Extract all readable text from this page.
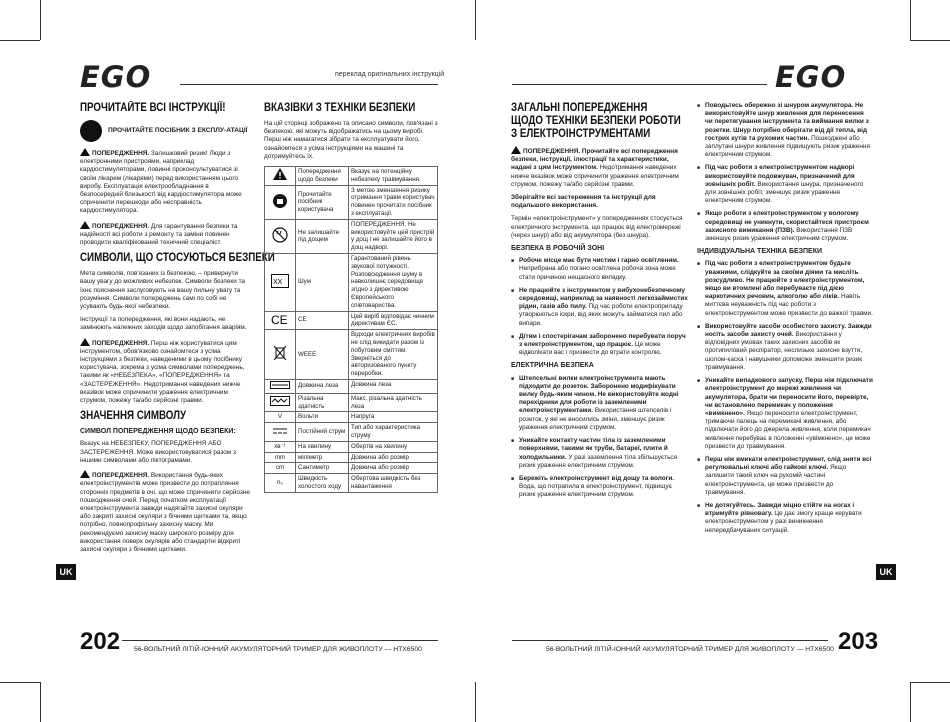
EGO	EGO
переклад оригінальних інструкцій
ПРОЧИТАЙТЕ ВСІ ІНСТРУКЦІЇ!
ПРОЧИТАЙТЕ ПОСІБНИК З ЕКСПЛУ-АТАЦІЇ

ПОПЕРЕДЖЕННЯ. Залишковий ризик! Люди з електронними пристроями, наприклад кардіостимуляторами, повинні проконсультуватися зі своїм лікарем (лікарями) перед використанням цього виробу. Експлуатація електрообладнання в безпосередній близькості від кардіостимулятора може спричинити перешкоди або несправність кардіостимулятора.

ПОПЕРЕДЖЕННЯ. Для гарантування безпеки та надійності всі роботи з ремонту та заміни повинен проводити кваліфікований технічний спеціаліст.

СИМВОЛИ, ЩО СТОСУЮТЬСЯ БЕЗПЕКИ

Мета символів, пов'язаних із безпекою, – привернути вашу увагу до можливих небезпек. Символи безпеки та їхнє пояснення заслуговують на вашу пильну увагу та розуміння. Символи попереджень самі по собі не усувають будь-якої небезпеки.

Інструкції та попередження, які вони надають, не замінюють належних заходів щодо запобігання аваріям.

ПОПЕРЕДЖЕННЯ. Перш ніж користуватися цим інструментом, обов'язково ознайомтеся з усіма інструкціями з безпеки, наведеними в цьому посібнику користувача, зокрема з усіма символами попереджень, такими як «НЕБЕЗПЕКА», «ПОПЕРЕДЖЕННЯ» та «ЗАСТЕРЕЖЕННЯ». Недотримання наведених нижче вказівок може спричинити ураження електричним струмом, пожежу та/або серйозні травми.

ЗНАЧЕННЯ СИМВОЛУ
СИМВОЛ ПОПЕРЕДЖЕННЯ ЩОДО БЕЗПЕКИ:

Вказує на НЕБЕЗПЕКУ, ПОПЕРЕДЖЕННЯ АБО ЗАСТЕРЕЖЕННЯ. Може використовуватися разом з іншими символами або піктограмами.

ПОПЕРЕДЖЕННЯ. Використання будь-яких електроінструментів може призвести до потрапляння сторонніх предметів в очі, що може спричинити серйозне пошкодження очей. Перед початком експлуатації електроінструмента завжди надягайте захисні окуляри або закриті захисні окуляри з бічними щитками та, якщо потрібно, повнопрофільну захисну маску. Ми рекомендуємо захисну маску широкого розміру для використання поверх окулярів або стандартні відкриті захисні окуляри з бічними щитками.

ВКАЗІВКИ З ТЕХНІКИ БЕЗПЕКИ

На цій сторінці зображено та описано символи, пов'язані з безпекою, які можуть відображатись на цьому виробі. Перш ніж намагатися зібрати та експлуатувати його, ознайомтеся з усіма інструкціями на машині та дотримуйтесь їх.

	Попередження щодо безпеки	Вказує на потенційну небезпеку травмування.
	Прочитайте посібник користувача	З метою зменшення ризику отримання травм користувач повинен прочитати посібник з експлуатації.
	Не залишайте під дощем	ПОПЕРЕДЖЕННЯ. Не використовуйте цей пристрій у дощ і не залишайте його в дощ надворі.

XX	Шум	Гарантований рівень звукової потужності. Розповсюдження шуму в навколишнє середовище згідно з директивою Європейського співтовариства.

CE	CE	Цей виріб відповідає чинним директивам ЄС.
	WEEE	Відходи електричних виробів не слід викидати разом із побутовим сміттям. Зверніться до авторизованого пункту переробки.
	Довжина леза	Довжина леза
	Різальна здатність	Макс. різальна здатність леза
V	Вольти	Напруга
	Постійний струм	Тип або характеристика струму
xв⁻¹	На хвилину	Обертів на хвилину
mm	міліметр	Довжина або розмір
cm	Сантиметр	Довжина або розмір
n₀	Швидкість холостого ходу	Обертова швидкість без навантаження
ЗАГАЛЬНІ ПОПЕРЕДЖЕННЯ ЩОДО ТЕХНІКИ БЕЗПЕКИ РОБОТИ З ЕЛЕКТРОІНСТРУМЕНТАМИ

ПОПЕРЕДЖЕННЯ. Прочитайте всі попередження безпеки, інструкції, ілюстрації та характеристики, надані з цим інструментом. Недотримання наведених нижче вказівок може спричинити ураження електричним струмом, пожежу та/або серйозні травми.

Зберігайте всі застереження та інструкції для подальшого використання.

Термін «електроінструмент» у попередженнях стосується електричного інструмента, що працює від електромережі (через шнур) або від акумулятора (без шнура).

БЕЗПЕКА В РОБОЧІЙ ЗОНІ

■ Робоче місце має бути чистим і гарно освітленим. Неприбрана або погано освітлена робоча зона може стати причиною нещасного випадку.

■ Не працюйте з інструментом у вибухонебезпечному середовищі, наприклад за наявності легкозаймистих рідин, газів або пилу. Під час роботи електроприладу утворюються іскри, від яких можуть займатися пил або випари.

■ Дітям і спостерігачам заборонено перебувати поруч з електроінструментом, що працює. Це може відволікати вас і призвести до втрати контролю.

ЕЛЕКТРИЧНА БЕЗПЕКА

■ Штепсельні вилки електроінструмента мають підходити до розеток. Заборонено модифікувати вилку будь-яким чином. Не використовуйте жодні перехідники для роботи із заземленими електроінструментами. Використання штепселів і розеток, у які не вносились зміни, зменшує ризик ураження електричним струмом.

■ Уникайте контакту частин тіла із заземленими поверхнями, такими як труби, батареї, плити й холодильники. У разі заземлення тіла збільшується ризик ураження електричним струмом.

■ Бережіть електроінструмент від дощу та вологи. Вода, що потрапила в електроінструмент, підвищує ризик ураження електричним струмом.

■ Поводьтесь обережно зі шнуром акумулятора. Не використовуйте шнур живлення для перенесення чи перетягування інструмента та виймання вилки з розетки. Шнур потрібно оберігати від дії тепла, від гострих кутів та рухомих частин. Пошкоджені або заплутані шнури живлення підвищують ризик ураження електричним струмом.

■ Під час роботи з електроінструментом надворі використовуйте подовжувач, призначений для зовнішніх робіт. Використання шнура, призначеного для зовнішніх робіт, зменшує ризик ураження електричним струмом.

■ Якщо роботи з електроінструментом у вологому середовищі не уникнути, скористайтеся пристроєм захисного вимикання (ПЗВ). Використання ПЗВ зменшує ризик ураження електричним струмом.

ІНДИВІДУАЛЬНА ТЕХНІКА БЕЗПЕКИ

■ Під час роботи з електроінструментом будьте уважними, слідкуйте за своїми діями та мисліть розсудливо. Не працюйте з електроінструментом, якщо ви втомлені або перебуваєте під дією наркотичних речовин, алкоголю або ліків. Навіть миттєва неуважність під час роботи з електроінструментом може призвести до важкої травми.

■ Використовуйте засоби особистого захисту. Завжди носіть засоби захисту очей. Використання у відповідних умовах таких захисних засобів як протипиловий респіратор, неслизьке захисне взуття, шолом-каска і навушники допоможе зменшити ризик травмування.

■ Уникайте випадкового запуску. Перш ніж підключати електроінструмент до мережі живлення чи акумулятора, брати чи переносити його, перевірте, чи встановлено перемикач у положення «вимкнено». Якщо переносити електроінструмент, тримаючи палець на перемикачі живлення, або підключати його до джерела живлення, коли перемикач живлення перебуває в положенні «увімкнено», це може призвести до травмування.

■ Перш ніж вмикати електроінструмент, слід зняти всі регулювальні ключі або гайкові ключі. Якщо залишити такий ключ на рухомій частині електроінструмента, це може призвести до травмування.

■ Не дотягуйтесь. Завжди міцно стійте на ногах і втримуйте рівновагу. Це дає змогу краще керувати електроінструментом у разі виникнення непередбачуваних ситуацій.

UK	UK
202	203
56-ВОЛЬТНИЙ ЛІТІЙ-ІОННИЙ АКУМУЛЯТОРНИЙ ТРИМЕР ДЛЯ ЖИВОПЛОТУ — HTX6500	56-ВОЛЬТНИЙ ЛІТІЙ-ІОННИЙ АКУМУЛЯТОРНИЙ ТРИМЕР ДЛЯ ЖИВОПЛОТУ — HTX6500
